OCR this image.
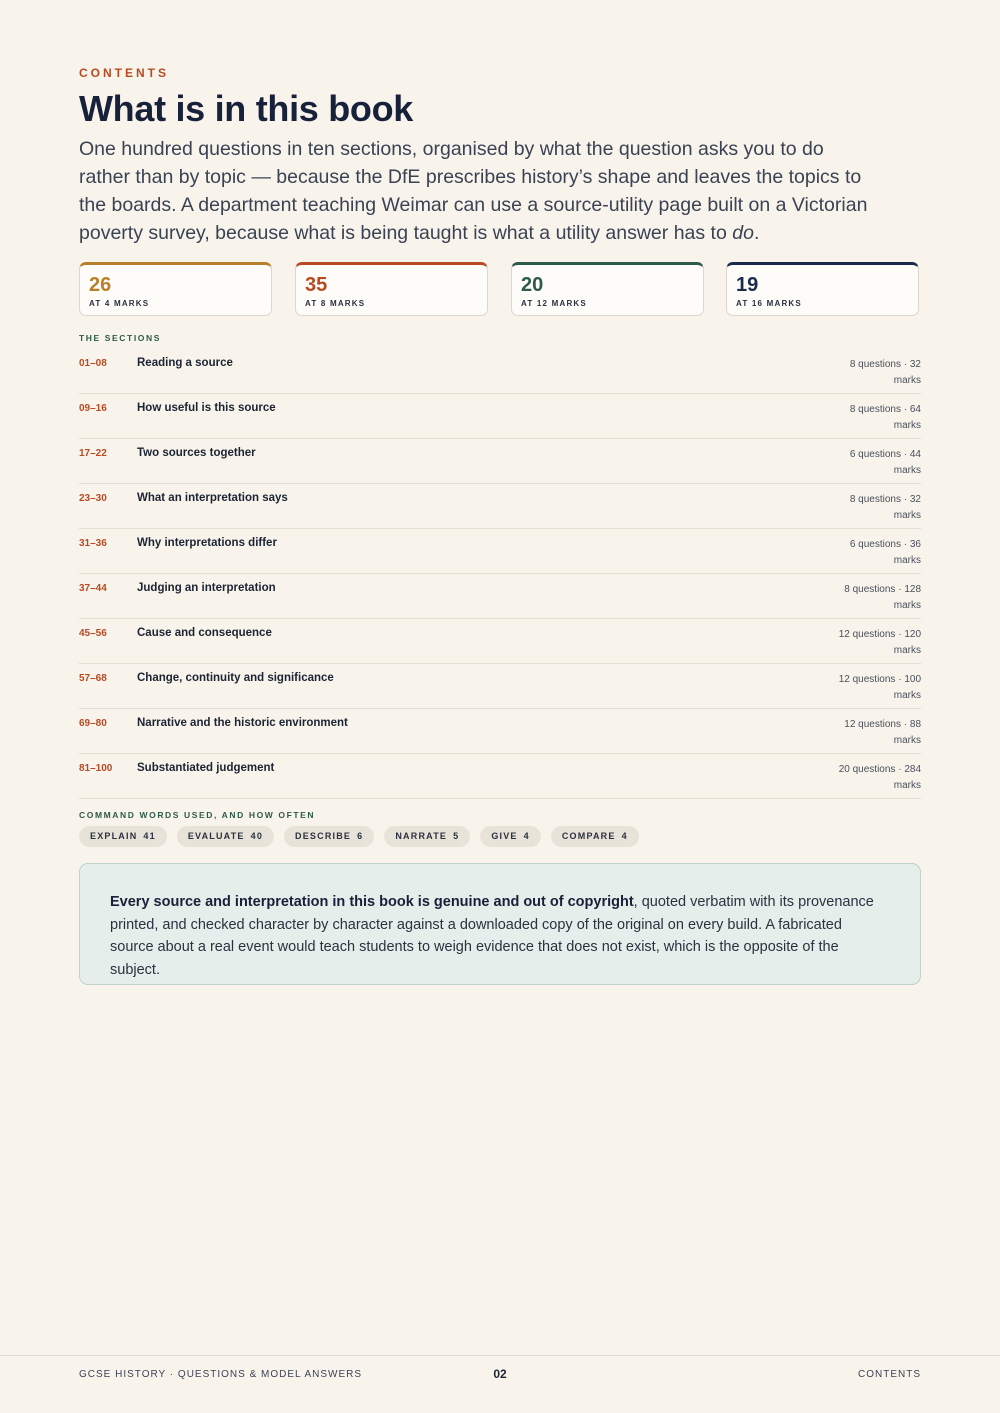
CONTENTS
What is in this book

One hundred questions in ten sections, organised by what the question asks you to do rather than by topic — because the DfE prescribes history’s shape and leaves the topics to the boards. A department teaching Weimar can use a source-utility page built on a Victorian poverty survey, because what is being taught is what a utility answer has to do.

26
AT 4 MARKS
35
AT 8 MARKS
20
AT 12 MARKS
19
AT 16 MARKS
THE SECTIONS
01–08	Reading a source	8 questions · 32
marks
09–16	How useful is this source	8 questions · 64
marks
17–22	Two sources together	6 questions · 44
marks
23–30	What an interpretation says	8 questions · 32
marks
31–36	Why interpretations differ	6 questions · 36
marks
37–44	Judging an interpretation	8 questions · 128
marks
45–56	Cause and consequence	12 questions · 120
marks
57–68	Change, continuity and significance	12 questions · 100
marks
69–80	Narrative and the historic environment	12 questions · 88
marks
81–100 Substantiated judgement	20 questions · 284
marks
COMMAND WORDS USED, AND HOW OFTEN
EXPLAIN 41	EVALUATE 40	DESCRIBE 6	NARRATE 5	GIVE 4	COMPARE 4

Every source and interpretation in this book is genuine and out of copyright, quoted verbatim with its provenance printed, and checked character by character against a downloaded copy of the original on every build. A fabricated source about a real event would teach students to weigh evidence that does not exist, which is the opposite of the subject.

GCSE HISTORY · QUESTIONS & MODEL ANSWERS	02	CONTENTS
